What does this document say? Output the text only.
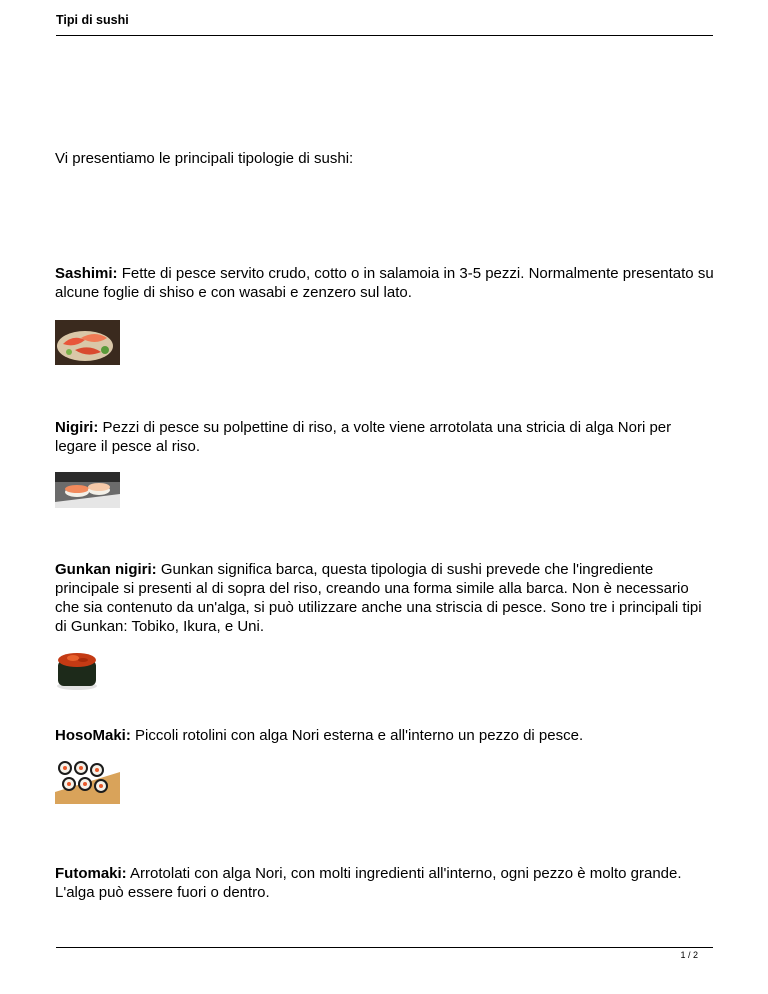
Tipi di sushi
Vi presentiamo le principali tipologie di sushi:
Sashimi: Fette di pesce servito crudo, cotto o in salamoia in 3-5 pezzi. Normalmente presentato su alcune foglie di shiso e con wasabi e zenzero sul lato.
Nigiri: Pezzi di pesce su polpettine di riso, a volte viene arrotolata una stricia di alga Nori per legare il pesce al riso.
Gunkan nigiri: Gunkan significa barca, questa tipologia di sushi prevede che l'ingrediente principale si presenti al di sopra del riso, creando una forma simile alla barca. Non è necessario che sia contenuto da un'alga, si può utilizzare anche una striscia di pesce. Sono tre i principali tipi di Gunkan: Tobiko, Ikura, e Uni.
HosoMaki: Piccoli rotolini con alga Nori esterna e all'interno un pezzo di pesce.
Futomaki: Arrotolati con alga Nori, con molti ingredienti all'interno, ogni pezzo è molto grande. L'alga può essere fuori o dentro.
1 / 2
